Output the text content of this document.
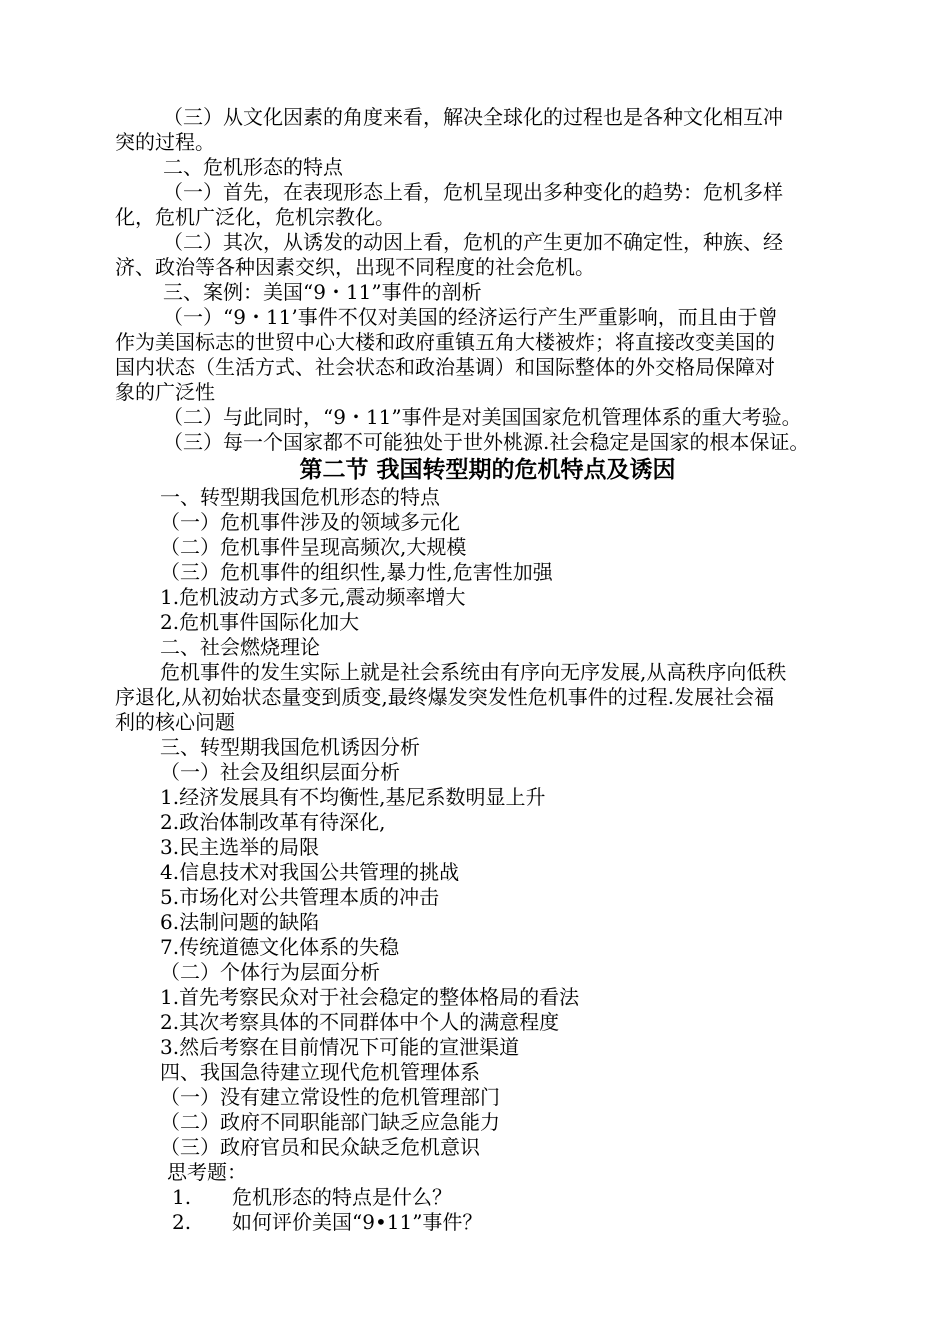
（三）从文化因素的角度来看，解决全球化的过程也是各种文化相互冲
突的过程。
二、危机形态的特点
（一）首先，在表现形态上看，危机呈现出多种变化的趋势：危机多样
化，危机广泛化，危机宗教化。
（二）其次，从诱发的动因上看，危机的产生更加不确定性，种族、经
济、政治等各种因素交织，出现不同程度的社会危机。
三、案例：美国“9・11”事件的剖析
（一）“9・11’事件不仅对美国的经济运行产生严重影响，而且由于曾
作为美国标志的世贸中心大楼和政府重镇五角大楼被炸；将直接改变美国的
国内状态（生活方式、社会状态和政治基调）和国际整体的外交格局保障对
象的广泛性
（二）与此同时，“9・11”事件是对美国国家危机管理体系的重大考验。
（三）每一个国家都不可能独处于世外桃源.社会稳定是国家的根本保证。
第二节 我国转型期的危机特点及诱因
一、转型期我国危机形态的特点
（一）危机事件涉及的领域多元化
（二）危机事件呈现高频次,大规模
（三）危机事件的组织性,暴力性,危害性加强
1.危机波动方式多元,震动频率增大
2.危机事件国际化加大
二、社会燃烧理论
危机事件的发生实际上就是社会系统由有序向无序发展,从高秩序向低秩
序退化,从初始状态量变到质变,最终爆发突发性危机事件的过程.发展社会福
利的核心问题
三、转型期我国危机诱因分析
（一）社会及组织层面分析
1.经济发展具有不均衡性,基尼系数明显上升
2.政治体制改革有待深化,
3.民主选举的局限
4.信息技术对我国公共管理的挑战
5.市场化对公共管理本质的冲击
6.法制问题的缺陷
7.传统道德文化体系的失稳
（二）个体行为层面分析
1.首先考察民众对于社会稳定的整体格局的看法
2.其次考察具体的不同群体中个人的满意程度
3.然后考察在目前情况下可能的宣泄渠道
四、我国急待建立现代危机管理体系
（一）没有建立常设性的危机管理部门
（二）政府不同职能部门缺乏应急能力
（三）政府官员和民众缺乏危机意识
思考题：
1. 危机形态的特点是什么？
2. 如何评价美国“9•11”事件？
